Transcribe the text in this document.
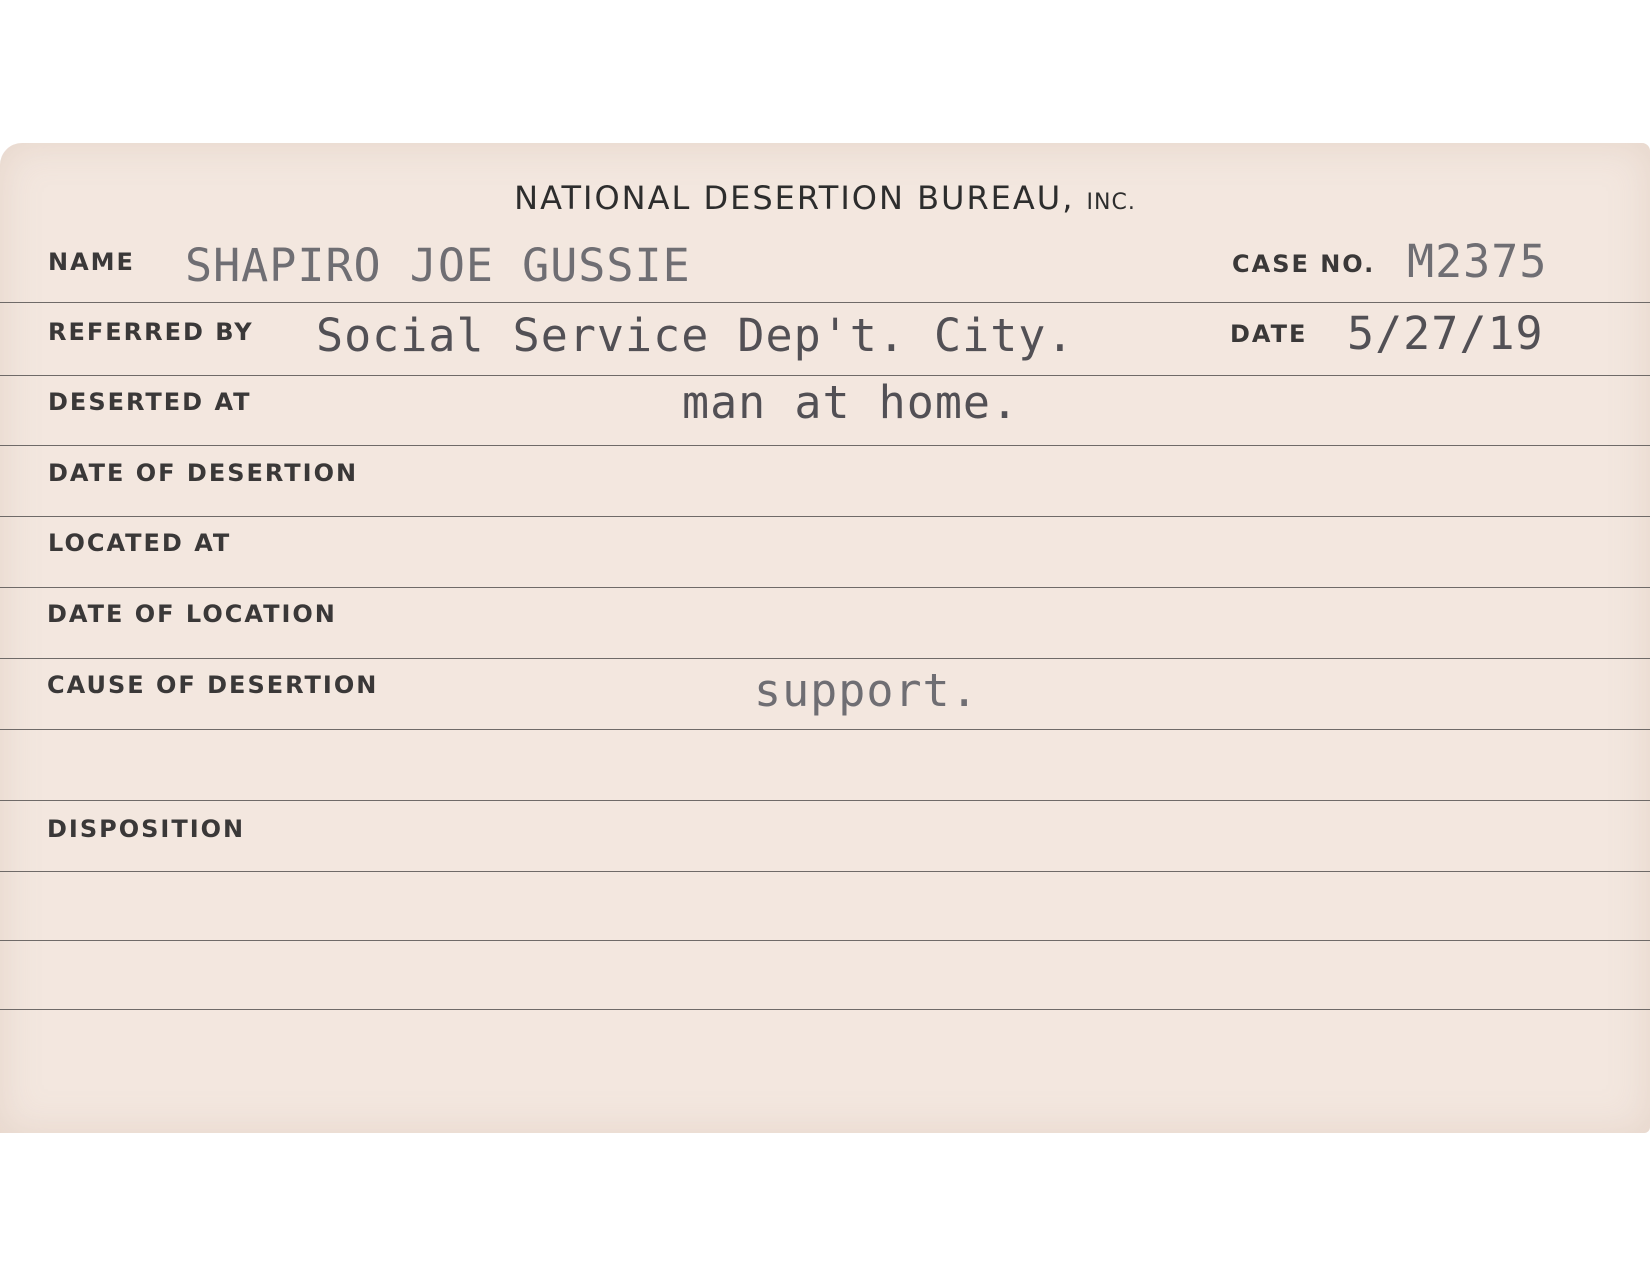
NATIONAL DESERTION BUREAU, INC.
NAME SHAPIRO JOE GUSSIE	CASE NO. M2375
REFERRED BY Social Service Dep't. City.	DATE 5/27/19
DESERTED AT	man at home.
DATE OF DESERTION
LOCATED AT
DATE OF LOCATION
CAUSE OF DESERTION	support.
DISPOSITION
